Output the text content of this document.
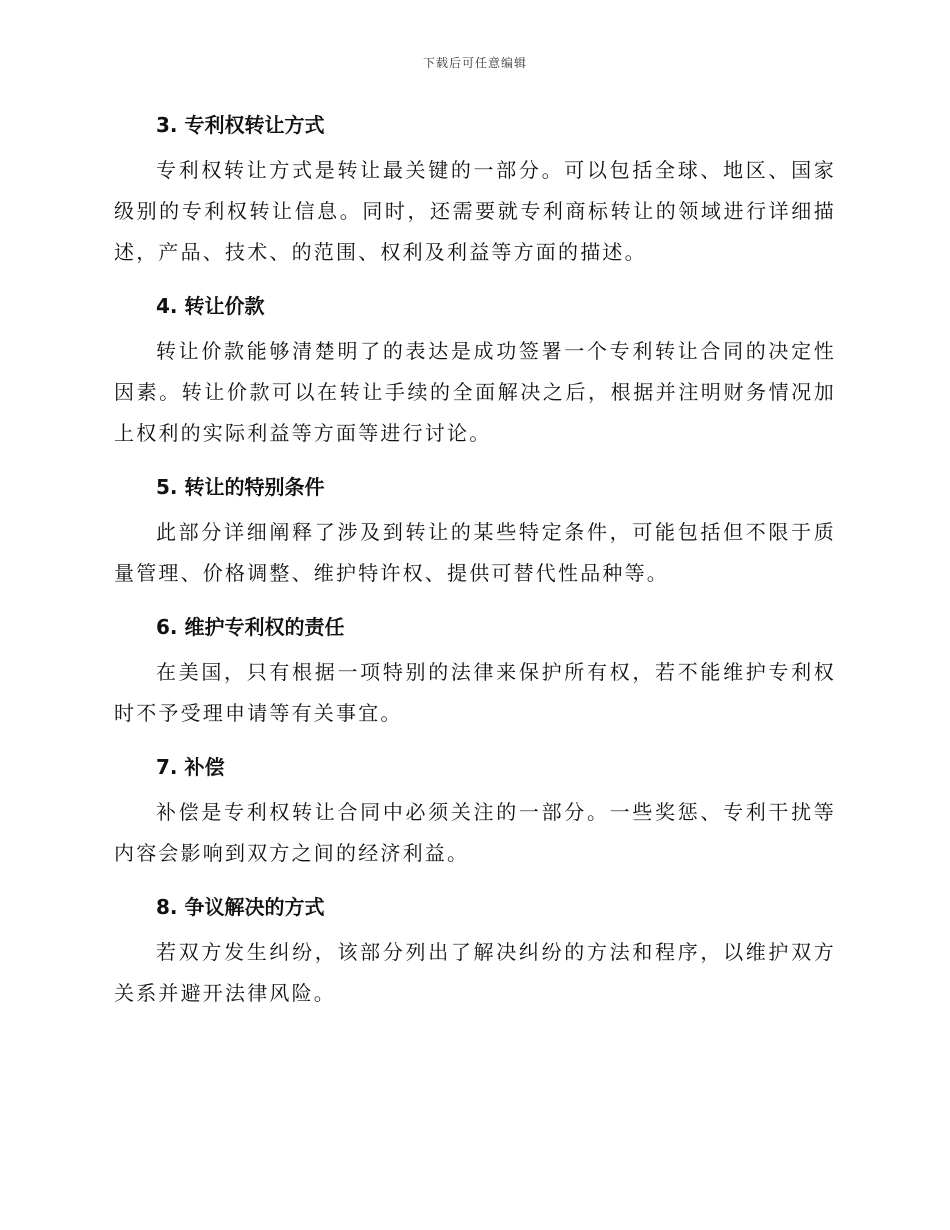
下载后可任意编辑
3. 专利权转让方式

专利权转让方式是转让最关键的一部分。可以包括全球、地区、国家级别的专利权转让信息。同时，还需要就专利商标转让的领域进行详细描述，产品、技术、的范围、权利及利益等方面的描述。

4. 转让价款

转让价款能够清楚明了的表达是成功签署一个专利转让合同的决定性因素。转让价款可以在转让手续的全面解决之后，根据并注明财务情况加上权利的实际利益等方面等进行讨论。

5. 转让的特别条件

此部分详细阐释了涉及到转让的某些特定条件，可能包括但不限于质量管理、价格调整、维护特许权、提供可替代性品种等。

6. 维护专利权的责任

在美国，只有根据一项特别的法律来保护所有权，若不能维护专利权时不予受理申请等有关事宜。

7. 补偿

补偿是专利权转让合同中必须关注的一部分。一些奖惩、专利干扰等内容会影响到双方之间的经济利益。

8. 争议解决的方式

若双方发生纠纷，该部分列出了解决纠纷的方法和程序，以维护双方关系并避开法律风险。
